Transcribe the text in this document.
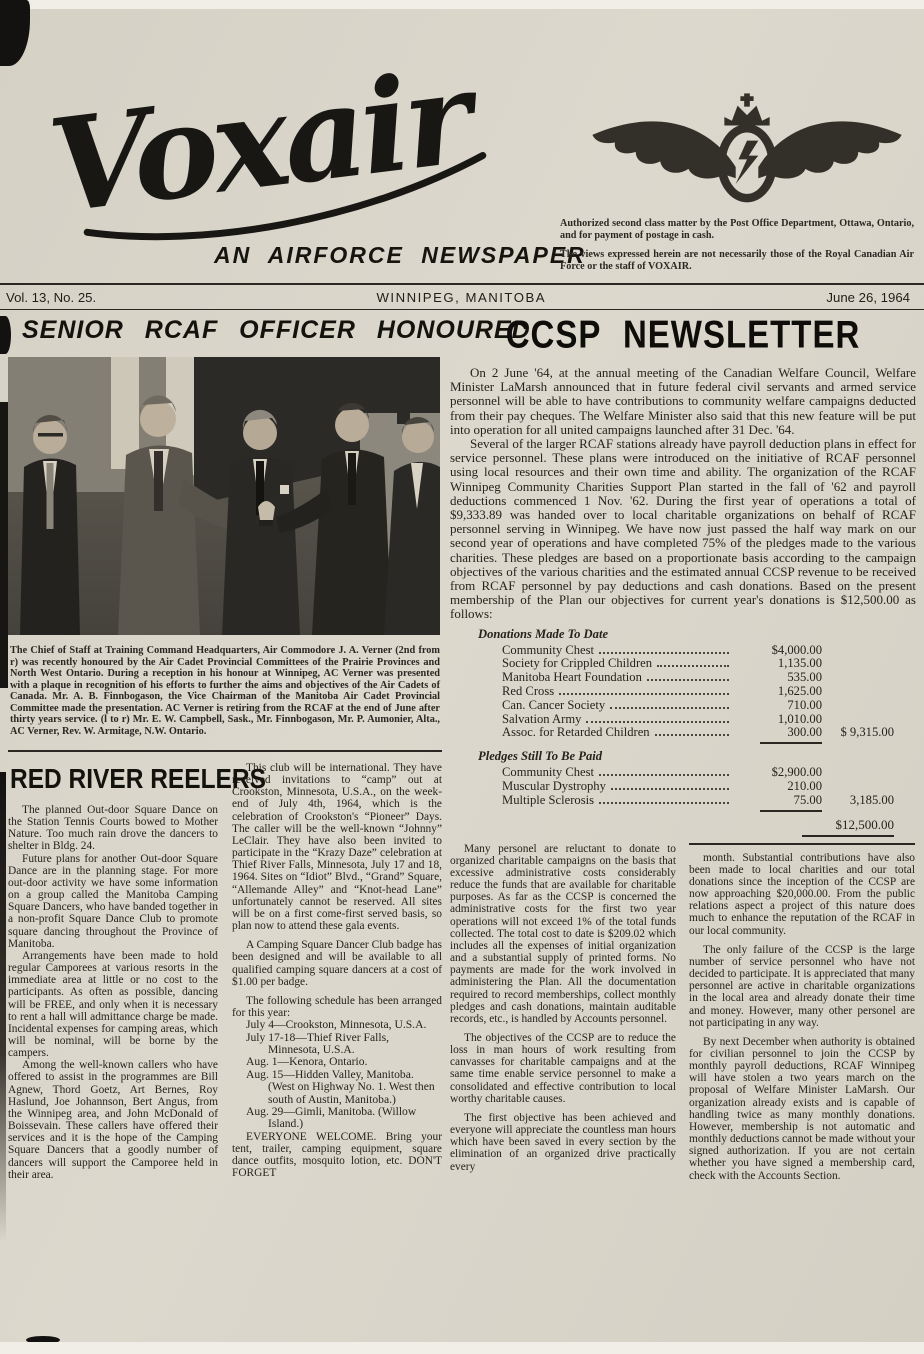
Voxair
AN AIRFORCE NEWSPAPER

Authorized second class matter by the Post Office Department, Ottawa, Ontario, and for payment of postage in cash.

The views expressed herein are not necessarily those of the Royal Canadian Air Force or the staff of VOXAIR.

Vol. 13, No. 25.	WINNIPEG, MANITOBA	June 26, 1964
SENIOR RCAF OFFICER HONOURED

The Chief of Staff at Training Command Headquarters, Air Commodore J. A. Verner (2nd from r) was recently honoured by the Air Cadet Provincial Committees of the Prairie Provinces and North West Ontario. During a reception in his honour at Winnipeg, AC Verner was presented with a plaque in recognition of his efforts to further the aims and objectives of the Air Cadets of Canada. Mr. A. B. Finnbogason, the Vice Chairman of the Manitoba Air Cadet Provincial Committee made the presentation. AC Verner is retiring from the RCAF at the end of June after thirty years service. (l to r) Mr. E. W. Campbell, Sask., Mr. Finnbogason, Mr. P. Aumonier, Alta., AC Verner, Rev. W. Armitage, N.W. Ontario.

RED RIVER REELERS

The planned Out-door Square Dance on the Station Tennis Courts bowed to Mother Nature. Too much rain drove the dancers to shelter in Bldg. 24.

Future plans for another Out-door Square Dance are in the planning stage. For more out-door activity we have some information on a group called the Manitoba Camping Square Dancers, who have banded together in a non-profit Square Dance Club to promote square dancing throughout the Province of Manitoba.

Arrangements have been made to hold regular Camporees at various resorts in the immediate area at little or no cost to the participants. As often as possible, dancing will be FREE, and only when it is necessary to rent a hall will admittance charge be made. Incidental expenses for camping areas, which will be nominal, will be borne by the campers.

Among the well-known callers who have offered to assist in the programmes are Bill Agnew, Thord Goetz, Art Bernes, Roy Haslund, Joe Johannson, Bert Angus, from the Winnipeg area, and John McDonald of Boissevain. These callers have offered their services and it is the hope of the Camping Square Dancers that a goodly number of dancers will support the Camporee held in their area.

This club will be international. They have received invitations to “camp” out at Crookston, Minnesota, U.S.A., on the week-end of July 4th, 1964, which is the celebration of Crookston's “Pioneer” Days. The caller will be the well-known “Johnny” LeClair. They have also been invited to participate in the “Krazy Daze” celebration at Thief River Falls, Minnesota, July 17 and 18, 1964. Sites on “Idiot” Blvd., “Grand” Square, “Allemande Alley” and “Knot-head Lane” unfortunately cannot be reserved. All sites will be on a first come-first served basis, so plan now to attend these gala events.

A Camping Square Dancer Club badge has been designed and will be available to all qualified camping square dancers at a cost of $1.00 per badge.

The following schedule has been arranged for this year:

July 4—Crookston, Minnesota, U.S.A.

July 17-18—Thief River Falls, Minnesota, U.S.A.

Aug. 1—Kenora, Ontario.

Aug. 15—Hidden Valley, Manitoba. (West on Highway No. 1. West then south of Austin, Manitoba.)

Aug. 29—Gimli, Manitoba. (Willow Island.)

EVERYONE WELCOME. Bring your tent, trailer, camping equipment, square dance outfits, mosquito lotion, etc. DON'T FORGET

CCSP NEWSLETTER

On 2 June '64, at the annual meeting of the Canadian Welfare Council, Welfare Minister LaMarsh announced that in future federal civil servants and armed service personnel will be able to have contributions to community welfare campaigns deducted from their pay cheques. The Welfare Minister also said that this new feature will be put into operation for all united campaigns launched after 31 Dec. '64.

Several of the larger RCAF stations already have payroll deduction plans in effect for service personnel. These plans were introduced on the initiative of RCAF personnel using local resources and their own time and ability. The organization of the RCAF Winnipeg Community Charities Support Plan started in the fall of '62 and payroll deductions commenced 1 Nov. '62. During the first year of operations a total of $9,333.89 was handed over to local charitable organizations on behalf of RCAF personnel serving in Winnipeg. We have now just passed the half way mark on our second year of operations and have completed 75% of the pledges made to the various charities. These pledges are based on a proportionate basis according to the campaign objectives of the various charities and the estimated annual CCSP revenue to be received from RCAF personnel by pay deductions and cash donations. Based on the present membership of the Plan our objectives for current year's donations is $12,500.00 as follows:

Donations Made To Date
Community Chest	$4,000.00
Society for Crippled Children	1,135.00
Manitoba Heart Foundation	535.00
Red Cross	1,625.00
Can. Cancer Society	710.00
Salvation Army	1,010.00
Assoc. for Retarded Children	300.00	$ 9,315.00
Pledges Still To Be Paid
Community Chest	$2,900.00
Muscular Dystrophy	210.00
Multiple Sclerosis	75.00	3,185.00
$12,500.00

Many personel are reluctant to donate to organized charitable campaigns on the basis that excessive administrative costs considerably reduce the funds that are available for charitable purposes. As far as the CCSP is concerned the administrative costs for the first two year operations will not exceed 1% of the total funds collected. The total cost to date is $209.02 which includes all the expenses of initial organization and a substantial supply of printed forms. No payments are made for the work involved in administering the Plan. All the documentation required to record memberships, collect monthly pledges and cash donations, maintain auditable records, etc., is handled by Accounts personnel.

The objectives of the CCSP are to reduce the loss in man hours of work resulting from canvasses for charitable campaigns and at the same time enable service personnel to make a consolidated and effective contribution to local worthy charitable causes.

The first objective has been achieved and everyone will appreciate the countless man hours which have been saved in every section by the elimination of an organized drive practically every

month. Substantial contributions have also been made to local charities and our total donations since the inception of the CCSP are now approaching $20,000.00. From the public relations aspect a project of this nature does much to enhance the reputation of the RCAF in our local community.

The only failure of the CCSP is the large number of service personnel who have not decided to participate. It is appreciated that many personnel are active in charitable organizations in the local area and already donate their time and money. However, many other personel are not participating in any way.

By next December when authority is obtained for civilian personnel to join the CCSP by monthly payroll deductions, RCAF Winnipeg will have stolen a two years march on the proposal of Welfare Minister LaMarsh. Our organization already exists and is capable of handling twice as many monthly donations. However, membership is not automatic and monthly deductions cannot be made without your signed authorization. If you are not certain whether you have signed a membership card, check with the Accounts Section.
